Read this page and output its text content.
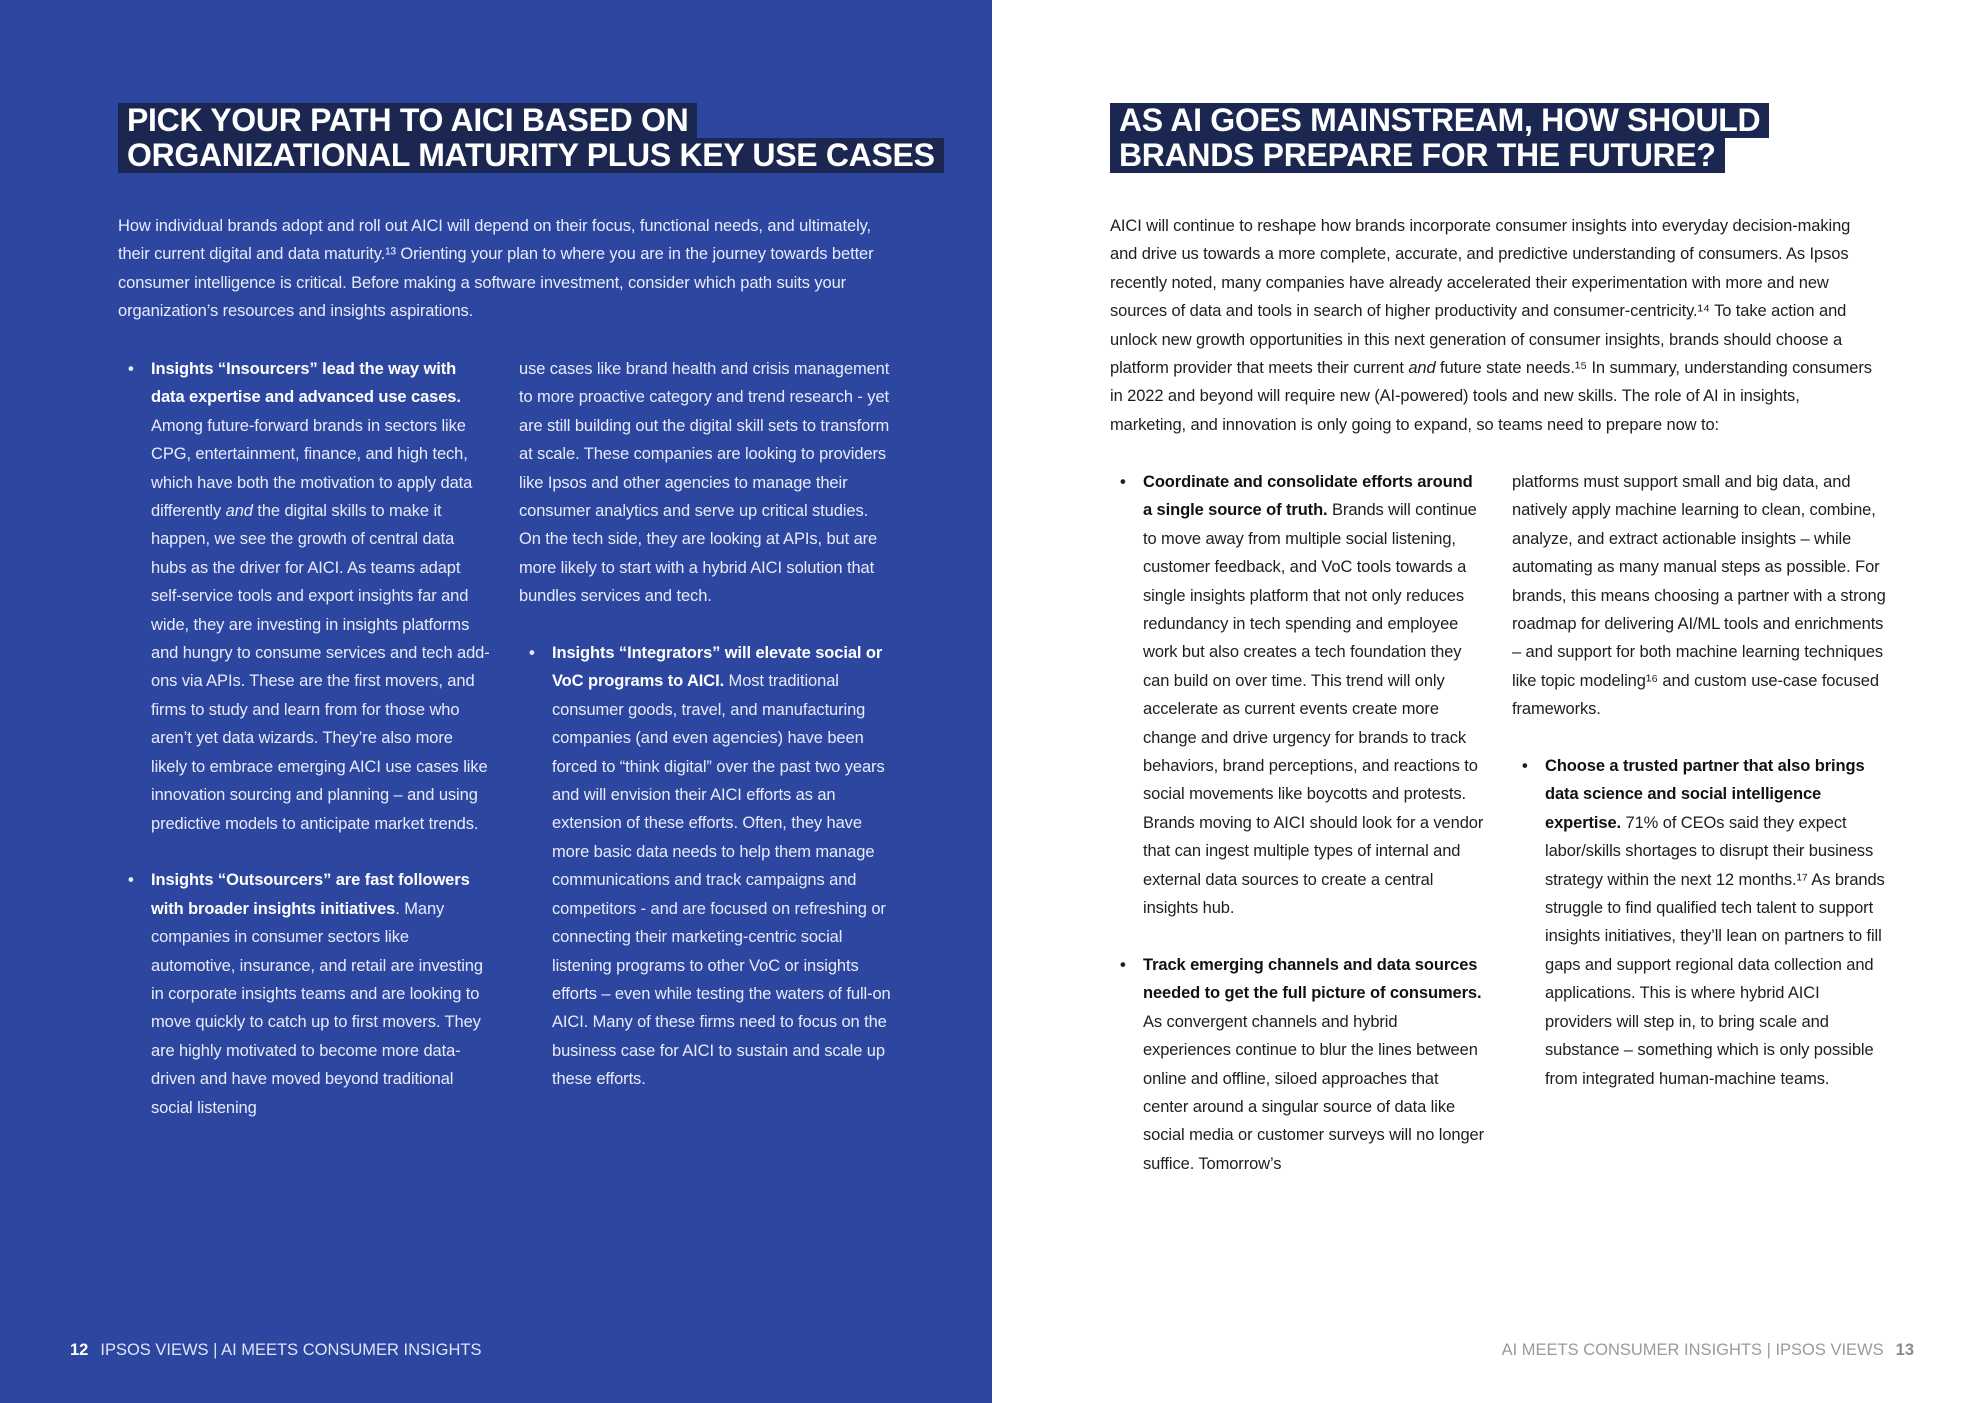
PICK YOUR PATH TO AICI BASED ON
ORGANIZATIONAL MATURITY PLUS KEY USE CASES

How individual brands adopt and roll out AICI will depend on their focus, functional needs, and ultimately, their current digital and data maturity.¹³ Orienting your plan to where you are in the journey towards better consumer intelligence is critical. Before making a software investment, consider which path suits your organization’s resources and insights aspirations.

• Insights “Insourcers” lead the way with data expertise and advanced use cases. Among future-forward brands in sectors like CPG, entertainment, finance, and high tech, which have both the motivation to apply data differently and the digital skills to make it happen, we see the growth of central data hubs as the driver for AICI. As teams adapt self-service tools and export insights far and wide, they are investing in insights platforms and hungry to consume services and tech add-ons via APIs. These are the first movers, and firms to study and learn from for those who aren’t yet data wizards. They’re also more likely to embrace emerging AICI use cases like innovation sourcing and planning – and using predictive models to anticipate market trends.

• Insights “Outsourcers” are fast followers with broader insights initiatives. Many companies in consumer sectors like automotive, insurance, and retail are investing in corporate insights teams and are looking to move quickly to catch up to first movers. They are highly motivated to become more data-driven and have moved beyond traditional social listening

use cases like brand health and crisis management to more proactive category and trend research - yet are still building out the digital skill sets to transform at scale. These companies are looking to providers like Ipsos and other agencies to manage their consumer analytics and serve up critical studies. On the tech side, they are looking at APIs, but are more likely to start with a hybrid AICI solution that bundles services and tech.

• Insights “Integrators” will elevate social or VoC programs to AICI. Most traditional consumer goods, travel, and manufacturing companies (and even agencies) have been forced to “think digital” over the past two years and will envision their AICI efforts as an extension of these efforts. Often, they have more basic data needs to help them manage communications and track campaigns and competitors - and are focused on refreshing or connecting their marketing-centric social listening programs to other VoC or insights efforts – even while testing the waters of full-on AICI. Many of these firms need to focus on the business case for AICI to sustain and scale up these efforts.

12 IPSOS VIEWS | AI MEETS CONSUMER INSIGHTS
AS AI GOES MAINSTREAM, HOW SHOULD
BRANDS PREPARE FOR THE FUTURE?

AICI will continue to reshape how brands incorporate consumer insights into everyday decision-making and drive us towards a more complete, accurate, and predictive understanding of consumers. As Ipsos recently noted, many companies have already accelerated their experimentation with more and new sources of data and tools in search of higher productivity and consumer-centricity.¹⁴ To take action and unlock new growth opportunities in this next generation of consumer insights, brands should choose a platform provider that meets their current and future state needs.¹⁵ In summary, understanding consumers in 2022 and beyond will require new (AI-powered) tools and new skills. The role of AI in insights, marketing, and innovation is only going to expand, so teams need to prepare now to:

• Coordinate and consolidate efforts around a single source of truth. Brands will continue to move away from multiple social listening, customer feedback, and VoC tools towards a single insights platform that not only reduces redundancy in tech spending and employee work but also creates a tech foundation they can build on over time. This trend will only accelerate as current events create more change and drive urgency for brands to track behaviors, brand perceptions, and reactions to social movements like boycotts and protests. Brands moving to AICI should look for a vendor that can ingest multiple types of internal and external data sources to create a central insights hub.

• Track emerging channels and data sources needed to get the full picture of consumers. As convergent channels and hybrid experiences continue to blur the lines between online and offline, siloed approaches that center around a singular source of data like social media or customer surveys will no longer suffice. Tomorrow’s

platforms must support small and big data, and natively apply machine learning to clean, combine, analyze, and extract actionable insights – while automating as many manual steps as possible. For brands, this means choosing a partner with a strong roadmap for delivering AI/ML tools and enrichments – and support for both machine learning techniques like topic modeling¹⁶ and custom use-case focused frameworks.

• Choose a trusted partner that also brings data science and social intelligence expertise. 71% of CEOs said they expect labor/skills shortages to disrupt their business strategy within the next 12 months.¹⁷ As brands struggle to find qualified tech talent to support insights initiatives, they’ll lean on partners to fill gaps and support regional data collection and applications. This is where hybrid AICI providers will step in, to bring scale and substance – something which is only possible from integrated human-machine teams.

AI MEETS CONSUMER INSIGHTS | IPSOS VIEWS 13
